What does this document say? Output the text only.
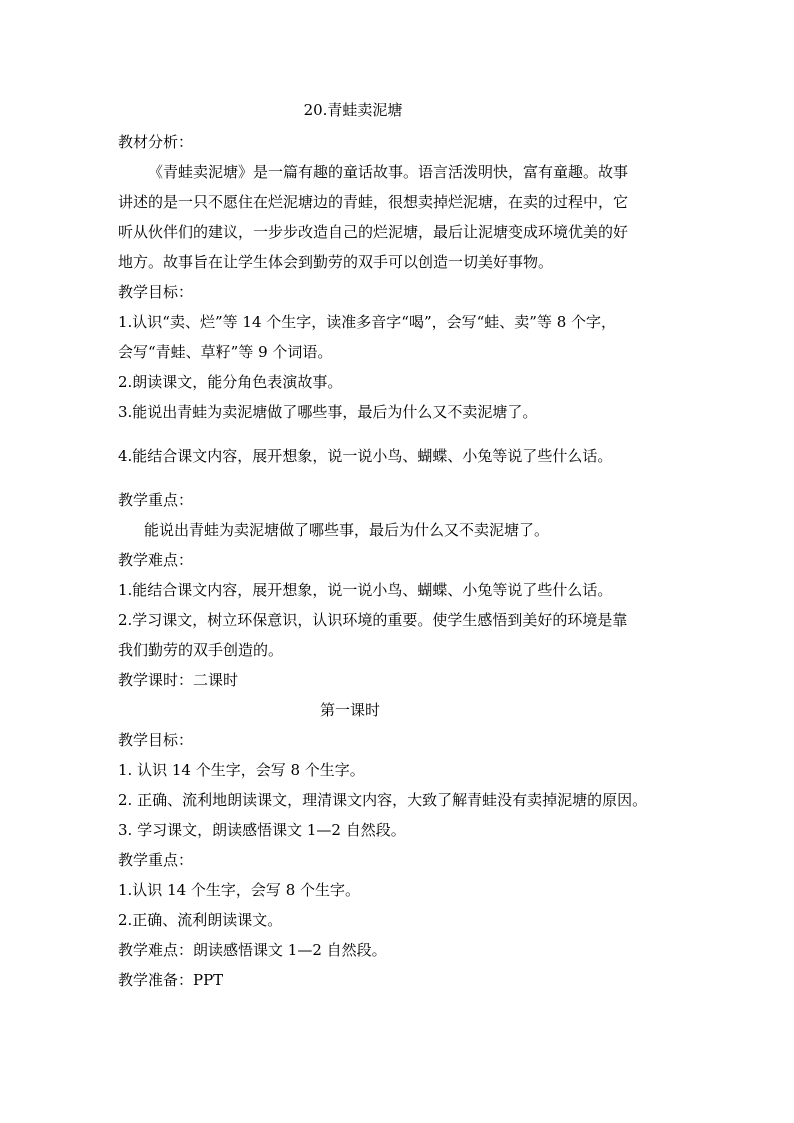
20.青蛙卖泥塘
教材分析：
《青蛙卖泥塘》是一篇有趣的童话故事。语言活泼明快，富有童趣。故事
讲述的是一只不愿住在烂泥塘边的青蛙，很想卖掉烂泥塘，在卖的过程中，它
听从伙伴们的建议，一步步改造自己的烂泥塘，最后让泥塘变成环境优美的好
地方。故事旨在让学生体会到勤劳的双手可以创造一切美好事物。
教学目标：
1.认识“卖、烂”等 14 个生字，读准多音字“喝”，会写“蛙、卖”等 8 个字，
会写“青蛙、草籽”等 9 个词语。
2.朗读课文，能分角色表演故事。
3.能说出青蛙为卖泥塘做了哪些事，最后为什么又不卖泥塘了。
4.能结合课文内容，展开想象，说一说小鸟、蝴蝶、小兔等说了些什么话。
教学重点：
能说出青蛙为卖泥塘做了哪些事，最后为什么又不卖泥塘了。
教学难点：
1.能结合课文内容，展开想象，说一说小鸟、蝴蝶、小兔等说了些什么话。
2.学习课文，树立环保意识，认识环境的重要。使学生感悟到美好的环境是靠
我们勤劳的双手创造的。
教学课时：二课时
第一课时
教学目标：
1. 认识 14 个生字，会写 8 个生字。
2. 正确、流利地朗读课文，理清课文内容，大致了解青蛙没有卖掉泥塘的原因。
3. 学习课文，朗读感悟课文 1—2 自然段。
教学重点：
1.认识 14 个生字，会写 8 个生字。
2.正确、流利朗读课文。
教学难点：朗读感悟课文 1—2 自然段。
教学准备：PPT
